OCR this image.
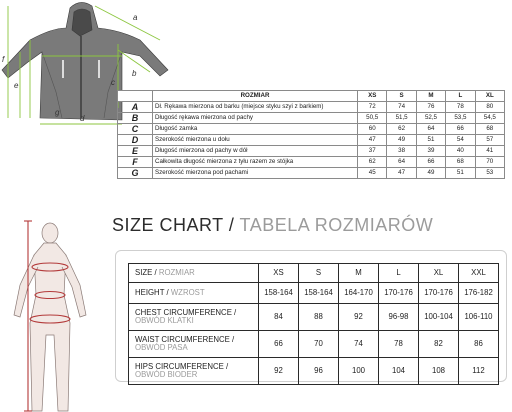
a
b
c
d
e
f
g
	ROZMIAR	XS	S	M	L	XL
A	Dł. Rękawa mierzona od barku (miejsce styku szyi z barkiem)	72	74	76	78	80
B	Długość rękawa mierzona od pachy	50,5	51,5	52,5	53,5	54,5
C	Długość zamka	60	62	64	66	68
D	Szerokość mierzona u dołu	47	49	51	54	57
E	Długość mierzona od pachy w dół	37	38	39	40	41
F	Całkowita długość mierzona z tyłu razem ze stójka	62	64	66	68	70
G	Szerokość mierzona pod pachami	45	47	49	51	53
SIZE CHART / TABELA ROZMIARÓW
SIZE / ROZMIAR	XS	S	M	L	XL	XXL
HEIGHT / WZROST	158-164	158-164	164-170	170-176	170-176	176-182
CHEST CIRCUMFERENCE /
OBWÓD KLATKI	84	88	92	96-98	100-104	106-110
WAIST CIRCUMFERENCE /
OBWÓD PASA	66	70	74	78	82	86
HIPS CIRCUMFERENCE /
OBWÓD BIODER	92	96	100	104	108	112
